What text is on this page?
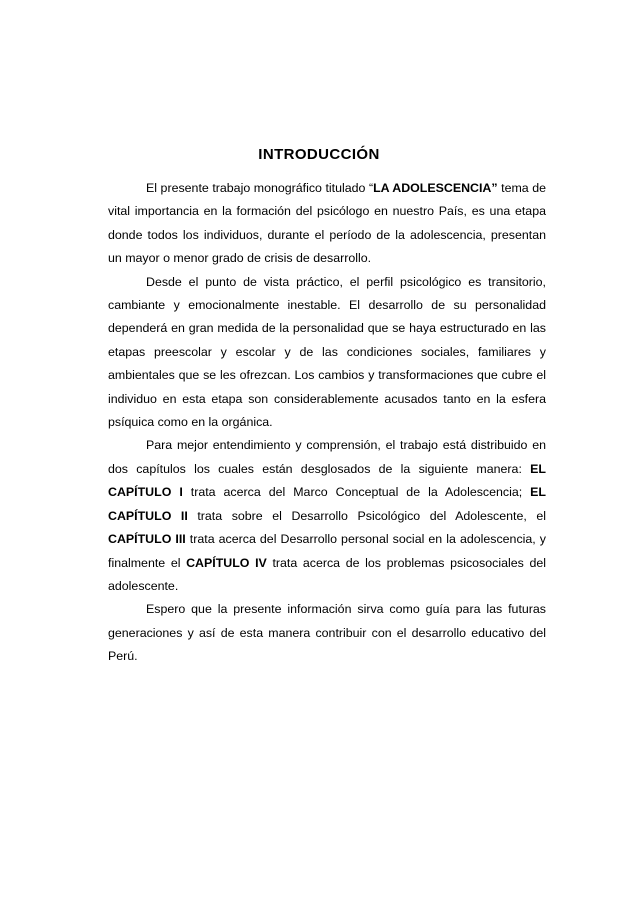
INTRODUCCIÓN

El presente trabajo monográfico titulado “LA ADOLESCENCIA” tema de vital importancia en la formación del psicólogo en nuestro País, es una etapa donde todos los individuos, durante el período de la adolescencia, presentan un mayor o menor grado de crisis de desarrollo.

Desde el punto de vista práctico, el perfil psicológico es transitorio, cambiante y emocionalmente inestable. El desarrollo de su personalidad dependerá en gran medida de la personalidad que se haya estructurado en las etapas preescolar y escolar y de las condiciones sociales, familiares y ambientales que se les ofrezcan. Los cambios y transformaciones que cubre el individuo en esta etapa son considerablemente acusados tanto en la esfera psíquica como en la orgánica.

Para mejor entendimiento y comprensión, el trabajo está distribuido en dos capítulos los cuales están desglosados de la siguiente manera: EL CAPÍTULO I trata acerca del Marco Conceptual de la Adolescencia; EL CAPÍTULO II trata sobre el Desarrollo Psicológico del Adolescente, el CAPÍTULO III trata acerca del Desarrollo personal social en la adolescencia, y finalmente el CAPÍTULO IV trata acerca de los problemas psicosociales del adolescente.

Espero que la presente información sirva como guía para las futuras generaciones y así de esta manera contribuir con el desarrollo educativo del Perú.
